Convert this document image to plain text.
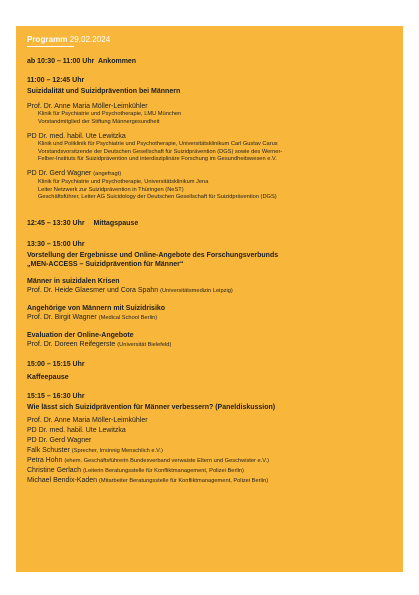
Programm 29.02.2024
ab 10:30 – 11:00 Uhr Ankommen
11:00 – 12:45 Uhr
Suizidalität und Suizidprävention bei Männern
Prof. Dr. Anne Maria Möller-Leimkühler
Klinik für Psychiatrie und Psychotherapie, LMU München
Vorstandmitglied der Stiftung Männergesundheit
PD Dr. med. habil. Ute Lewitzka
Klinik und Poliklinik für Psychiatrie und Psychotherapie, Universitätsklinikum Carl Gustav Carus
Vorstandsvorsitzende der Deutschen Gesellschaft für Suizidprävention (DGS) sowie des Werner-
Felber-Instituts für Suizidprävention und interdisziplinäre Forschung im Gesundheitswesen e.V.
PD Dr. Gerd Wagner (angefragt)
Klinik für Psychiatrie und Psychotherapie, Universitätsklinikum Jena
Leiter Netzwerk zur Suizidprävention in Thüringen (NeST)
Geschäftsführer, Leiter AG Suicidology der Deutschen Gesellschaft für Suizidprävention (DGS)
12:45 – 13:30 Uhr Mittagspause
13:30 – 15:00 Uhr
Vorstellung der Ergebnisse und Online-Angebote des Forschungsverbunds
„MEN-ACCESS – Suizidprävention für Männer“
Männer in suizidalen Krisen
Prof. Dr. Heide Glaesmer und Cora Spahn (Universitätsmedizin Leipzig)
Angehörige von Männern mit Suizidrisiko
Prof. Dr. Birgit Wagner (Medical School Berlin)
Evaluation der Online-Angebote
Prof. Dr. Doreen Reifegerste (Universität Bielefeld)
15:00 – 15:15 Uhr
Kaffeepause
15:15 – 16:30 Uhr
Wie lässt sich Suizidprävention für Männer verbessern? (Paneldiskussion)
Prof. Dr. Anne Maria Möller-Leimkühler
PD Dr. med. habil. Ute Lewitzka
PD Dr. Gerd Wagner
Falk Schuster (Sprecher, Irrsinnig Menschlich e.V.)
Petra Hohn (ehem. Geschäftsführerin Bundesverband verwaiste Eltern und Geschwister e.V.)
Christine Gerlach (Leiterin Beratungsstelle für Konfliktmanagement, Polizei Berlin)
Michael Bendix-Kaden (Mitarbeiter Beratungsstelle für Konfliktmanagement, Polizei Berlin)
